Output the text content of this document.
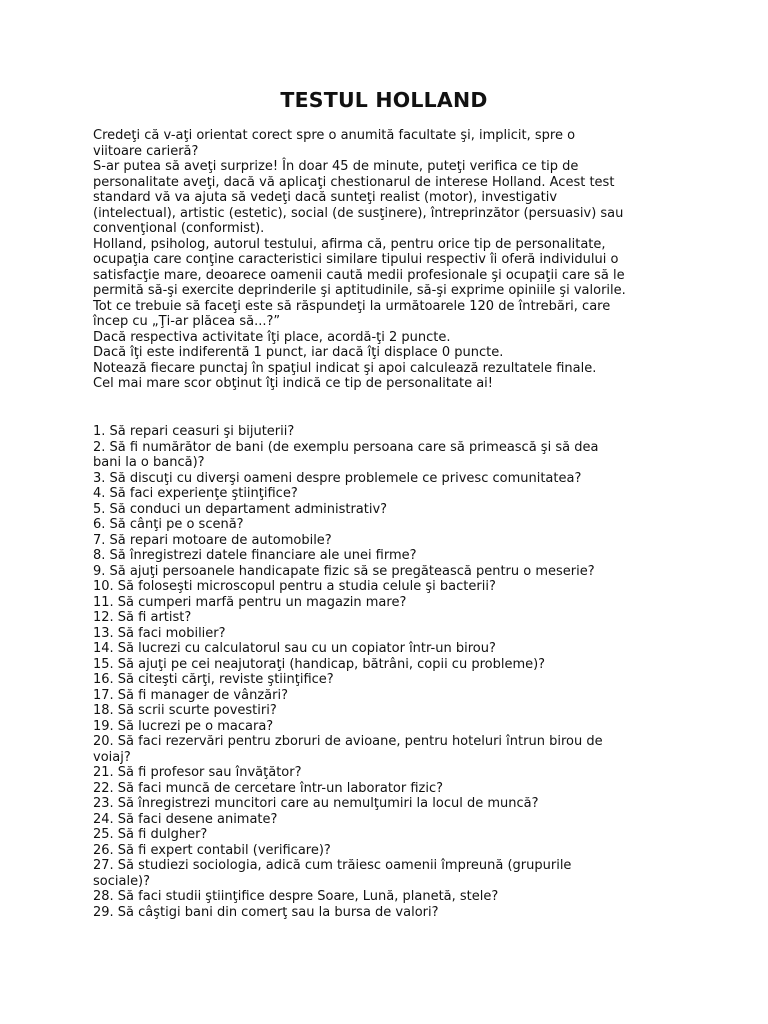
TESTUL HOLLAND

Credeţi că v-aţi orientat corect spre o anumită facultate şi, implicit, spre o

viitoare carieră?

S-ar putea să aveţi surprize! În doar 45 de minute, puteţi verifica ce tip de

personalitate aveţi, dacă vă aplicaţi chestionarul de interese Holland. Acest test

standard vă va ajuta să vedeţi dacă sunteţi realist (motor), investigativ

(intelectual), artistic (estetic), social (de susţinere), întreprinzător (persuasiv) sau

convenţional (conformist).

Holland, psiholog, autorul testului, afirma că, pentru orice tip de personalitate,

ocupaţia care conţine caracteristici similare tipului respectiv îi oferă individului o

satisfacţie mare, deoarece oamenii caută medii profesionale şi ocupaţii care să le

permită să-şi exercite deprinderile şi aptitudinile, să-şi exprime opiniile şi valorile.

Tot ce trebuie să faceţi este să răspundeţi la următoarele 120 de întrebări, care

încep cu „Ţi-ar plăcea să...?”

Dacă respectiva activitate îţi place, acordă-ţi 2 puncte.

Dacă îţi este indiferentă 1 punct, iar dacă îţi displace 0 puncte.

Notează fiecare punctaj în spaţiul indicat şi apoi calculează rezultatele finale.

Cel mai mare scor obţinut îţi indică ce tip de personalitate ai!

1. Să repari ceasuri şi bijuterii?

2. Să fi numărător de bani (de exemplu persoana care să primească şi să dea

bani la o bancă)?

3. Să discuţi cu diverşi oameni despre problemele ce privesc comunitatea?

4. Să faci experienţe ştiinţifice?

5. Să conduci un departament administrativ?

6. Să cânţi pe o scenă?

7. Să repari motoare de automobile?

8. Să înregistrezi datele financiare ale unei firme?

9. Să ajuţi persoanele handicapate fizic să se pregătească pentru o meserie?

10. Să foloseşti microscopul pentru a studia celule şi bacterii?

11. Să cumperi marfă pentru un magazin mare?

12. Să fi artist?

13. Să faci mobilier?

14. Să lucrezi cu calculatorul sau cu un copiator într-un birou?

15. Să ajuţi pe cei neajutoraţi (handicap, bătrâni, copii cu probleme)?

16. Să citeşti cărţi, reviste ştiinţifice?

17. Să fi manager de vânzări?

18. Să scrii scurte povestiri?

19. Să lucrezi pe o macara?

20. Să faci rezervări pentru zboruri de avioane, pentru hoteluri întrun birou de

voiaj?

21. Să fi profesor sau învăţător?

22. Să faci muncă de cercetare într-un laborator fizic?

23. Să înregistrezi muncitori care au nemulţumiri la locul de muncă?

24. Să faci desene animate?

25. Să fi dulgher?

26. Să fi expert contabil (verificare)?

27. Să studiezi sociologia, adică cum trăiesc oamenii împreună (grupurile

sociale)?

28. Să faci studii ştiinţifice despre Soare, Lună, planetă, stele?

29. Să câştigi bani din comerţ sau la bursa de valori?
